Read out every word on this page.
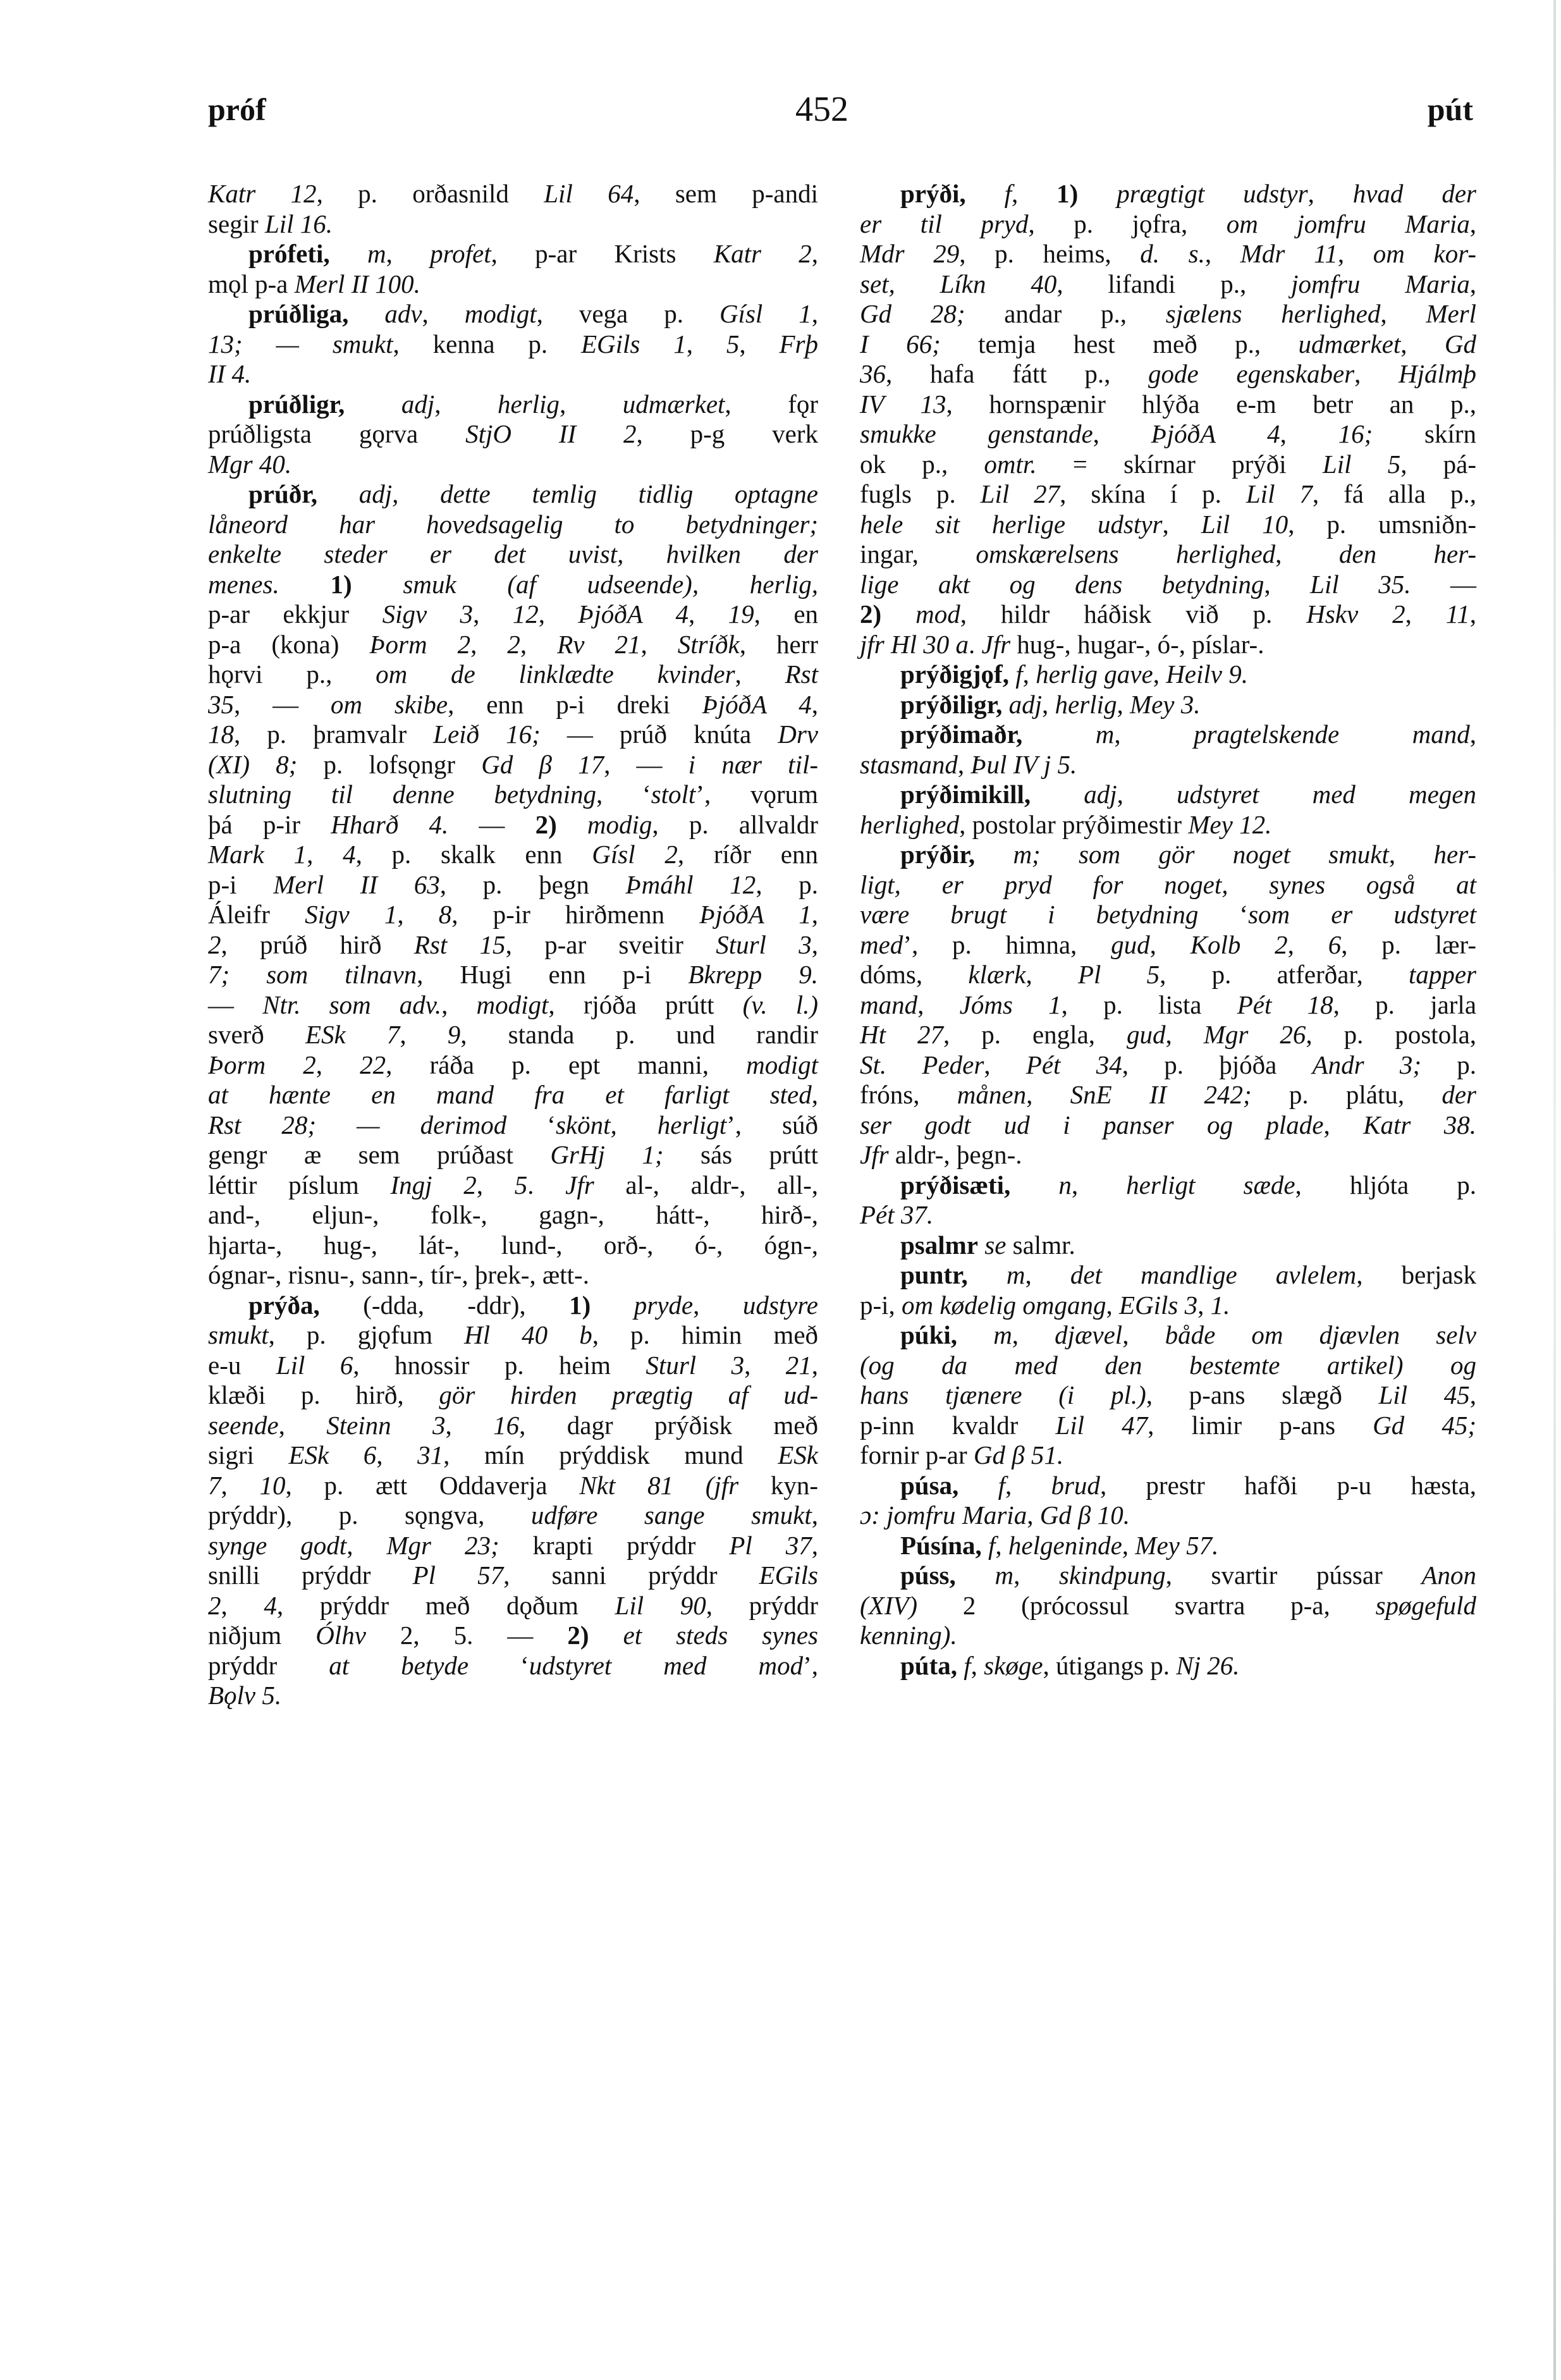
próf	452	pút
Katr 12, p. orðasnild Lil 64, sem p-andi
segir Lil 16.
prófeti, m, profet, p-ar Krists Katr 2,
mǫl p-a Merl II 100.
prúðliga, adv, modigt, vega p. Gísl 1,
13; — smukt, kenna p. EGils 1, 5, Frþ
II 4.
prúðligr, adj, herlig, udmærket, fǫr
prúðligsta gǫrva StjO II 2, p-g verk
Mgr 40.
prúðr, adj, dette temlig tidlig optagne
låneord har hovedsagelig to betydninger;
enkelte steder er det uvist, hvilken der
menes. 1) smuk (af udseende), herlig,
p-ar ekkjur Sigv 3, 12, ÞjóðA 4, 19, en
p-a (kona) Þorm 2, 2, Rv 21, Stríðk, herr
hǫrvi p., om de linklædte kvinder, Rst
35, — om skibe, enn p-i dreki ÞjóðA 4,
18, p. þramvalr Leið 16; — prúð knúta Drv
(XI) 8; p. lofsǫngr Gd β 17, — i nær til-
slutning til denne betydning, ‘stolt’, vǫrum
þá p-ir Hharð 4. — 2) modig, p. allvaldr
Mark 1, 4, p. skalk enn Gísl 2, ríðr enn
p-i Merl II 63, p. þegn Þmáhl 12, p.
Áleifr Sigv 1, 8, p-ir hirðmenn ÞjóðA 1,
2, prúð hirð Rst 15, p-ar sveitir Sturl 3,
7; som tilnavn, Hugi enn p-i Bkrepp 9.
— Ntr. som adv., modigt, rjóða prútt (v. l.)
sverð ESk 7, 9, standa p. und randir
Þorm 2, 22, ráða p. ept manni, modigt
at hænte en mand fra et farligt sted,
Rst 28; — derimod ‘skönt, herligt’, súð
gengr æ sem prúðast GrHj 1; sás prútt
léttir píslum Ingj 2, 5. Jfr al-, aldr-, all-,
and-, eljun-, folk-, gagn-, hátt-, hirð-,
hjarta-, hug-, lát-, lund-, orð-, ó-, ógn-,
ógnar-, risnu-, sann-, tír-, þrek-, ætt-.
prýða, (-dda, -ddr), 1) pryde, udstyre
smukt, p. gjǫfum Hl 40 b, p. himin með
e-u Lil 6, hnossir p. heim Sturl 3, 21,
klæði p. hirð, gör hirden prægtig af ud-
seende, Steinn 3, 16, dagr prýðisk með
sigri ESk 6, 31, mín prýddisk mund ESk
7, 10, p. ætt Oddaverja Nkt 81 (jfr kyn-
prýddr), p. sǫngva, udføre sange smukt,
synge godt, Mgr 23; krapti prýddr Pl 37,
snilli prýddr Pl 57, sanni prýddr EGils
2, 4, prýddr með dǫðum Lil 90, prýddr
niðjum Ólhv 2, 5. — 2) et steds synes
prýddr at betyde ‘udstyret med mod’,
Bǫlv 5.
prýði, f, 1) prægtigt udstyr, hvad der
er til pryd, p. jǫfra, om jomfru Maria,
Mdr 29, p. heims, d. s., Mdr 11, om kor-
set, Líkn 40, lifandi p., jomfru Maria,
Gd 28; andar p., sjælens herlighed, Merl
I 66; temja hest með p., udmærket, Gd
36, hafa fátt p., gode egenskaber, Hjálmþ
IV 13, hornspænir hlýða e-m betr an p.,
smukke genstande, ÞjóðA 4, 16; skírn
ok p., omtr. = skírnar prýði Lil 5, pá-
fugls p. Lil 27, skína í p. Lil 7, fá alla p.,
hele sit herlige udstyr, Lil 10, p. umsniðn-
ingar, omskærelsens herlighed, den her-
lige akt og dens betydning, Lil 35. —
2) mod, hildr háðisk við p. Hskv 2, 11,
jfr Hl 30 a. Jfr hug-, hugar-, ó-, píslar-.
prýðigjǫf, f, herlig gave, Heilv 9.
prýðiligr, adj, herlig, Mey 3.
prýðimaðr,	m, pragtelskende mand,
stasmand, Þul IV j 5.
prýðimikill, adj, udstyret med megen
herlighed, postolar prýðimestir Mey 12.
prýðir, m; som gör noget smukt, her-
ligt, er pryd for noget, synes også at
være brugt i betydning ‘som er udstyret
med’, p. himna, gud, Kolb 2, 6, p. lær-
dóms, klærk, Pl 5, p. atferðar, tapper
mand, Jóms 1, p. lista Pét 18, p. jarla
Ht 27, p. engla, gud, Mgr 26, p. postola,
St. Peder, Pét 34, p. þjóða Andr 3; p.
fróns, månen, SnE II 242; p. plátu, der
ser godt ud i panser og plade, Katr 38.
Jfr aldr-, þegn-.
prýðisæti, n, herligt sæde, hljóta p.
Pét 37.
psalmr se salmr.
puntr, m, det mandlige avlelem, berjask
p-i, om kødelig omgang, EGils 3, 1.
púki, m, djævel, både om djævlen selv
(og da med den bestemte artikel) og
hans tjænere (i pl.), p-ans slægð Lil 45,
p-inn kvaldr Lil 47, limir p-ans Gd 45;
fornir p-ar Gd β 51.
púsa, f, brud, prestr hafði p-u hæsta,
ɔ: jomfru Maria, Gd β 10.
Púsína, f, helgeninde, Mey 57.
púss, m, skindpung, svartir pússar Anon
(XIV) 2 (prócossul svartra p-a, spøgefuld
kenning).
púta, f, skøge, útigangs p. Nj 26.
